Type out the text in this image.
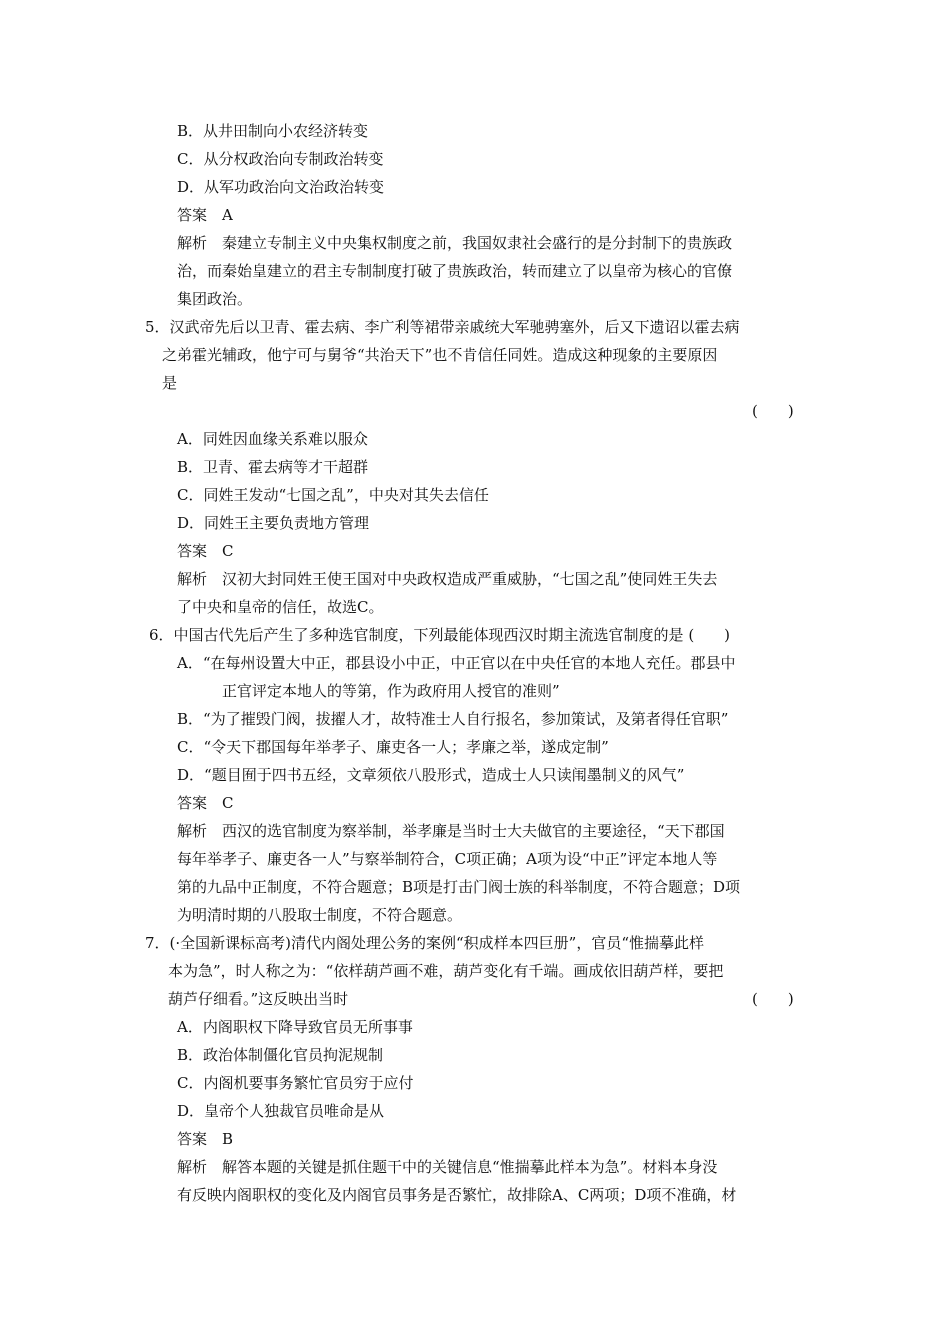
B．从井田制向小农经济转变
C．从分权政治向专制政治转变
D．从军功政治向文治政治转变
答案　A
解析　秦建立专制主义中央集权制度之前，我国奴隶社会盛行的是分封制下的贵族政
治，而秦始皇建立的君主专制制度打破了贵族政治，转而建立了以皇帝为核心的官僚
集团政治。
5．汉武帝先后以卫青、霍去病、李广利等裙带亲戚统大军驰骋塞外，后又下遗诏以霍去病
之弟霍光辅政，他宁可与舅爷“共治天下”也不肯信任同姓。造成这种现象的主要原因
是
(　　)
A．同姓因血缘关系难以服众
B．卫青、霍去病等才干超群
C．同姓王发动“七国之乱”，中央对其失去信任
D．同姓王主要负责地方管理
答案　C
解析　汉初大封同姓王使王国对中央政权造成严重威胁，“七国之乱”使同姓王失去
了中央和皇帝的信任，故选C。
6．中国古代先后产生了多种选官制度，下列最能体现西汉时期主流选官制度的是 (　　)
A．“在每州设置大中正，郡县设小中正，中正官以在中央任官的本地人充任。郡县中
正官评定本地人的等第，作为政府用人授官的准则”
B．“为了摧毁门阀，拔擢人才，故特准士人自行报名，参加策试，及第者得任官职”
C．“令天下郡国每年举孝子、廉吏各一人；孝廉之举，遂成定制”
D．“题目囿于四书五经，文章须依八股形式，造成士人只读闱墨制义的风气”
答案　C
解析　西汉的选官制度为察举制，举孝廉是当时士大夫做官的主要途径，“天下郡国
每年举孝子、廉吏各一人”与察举制符合，C项正确；A项为设“中正”评定本地人等
第的九品中正制度，不符合题意；B项是打击门阀士族的科举制度，不符合题意；D项
为明清时期的八股取士制度，不符合题意。
7．(·全国新课标高考)清代内阁处理公务的案例“积成样本四巨册”，官员“惟揣摹此样
本为急”，时人称之为：“依样葫芦画不难，葫芦变化有千端。画成依旧葫芦样，要把
葫芦仔细看。”这反映出当时	(　　)
A．内阁职权下降导致官员无所事事
B．政治体制僵化官员拘泥规制
C．内阁机要事务繁忙官员穷于应付
D．皇帝个人独裁官员唯命是从
答案　B
解析　解答本题的关键是抓住题干中的关键信息“惟揣摹此样本为急”。材料本身没
有反映内阁职权的变化及内阁官员事务是否繁忙，故排除A、C两项；D项不准确，材
